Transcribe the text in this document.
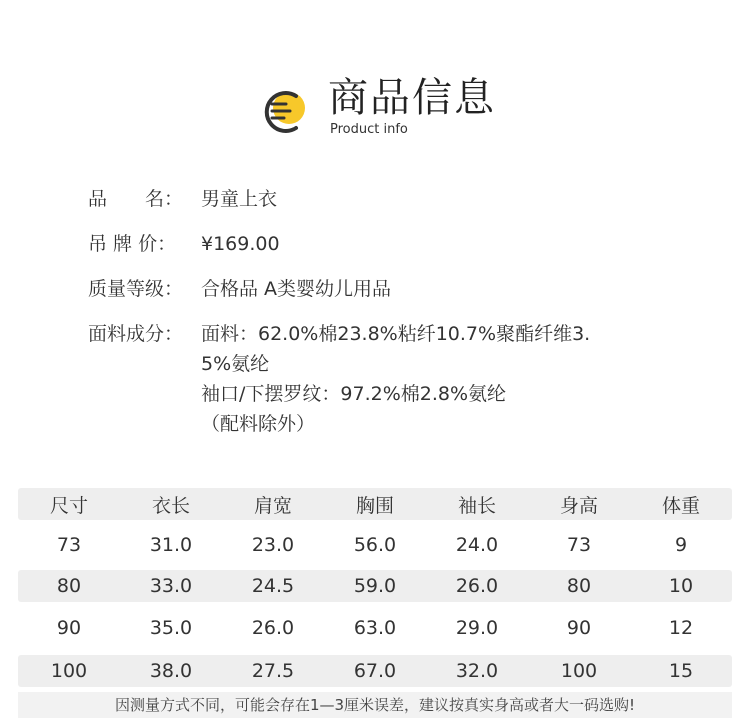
商品信息
Product info
品　　名： 男童上衣
吊 牌 价：	¥169.00
质量等级： 合格品 A类婴幼儿用品
面料成分： 面料：62.0%棉23.8%粘纤10.7%聚酯纤维3.
5%氨纶
袖口/下摆罗纹：97.2%棉2.8%氨纶
（配料除外）
尺寸	衣长	肩宽	胸围	袖长	身高	体重
73	31.0	23.0	56.0	24.0	73	9
80	33.0	24.5	59.0	26.0	80	10
90	35.0	26.0	63.0	29.0	90	12
100	38.0	27.5	67.0	32.0	100	15
因测量方式不同，可能会存在1—3厘米误差，建议按真实身高或者大一码选购!
